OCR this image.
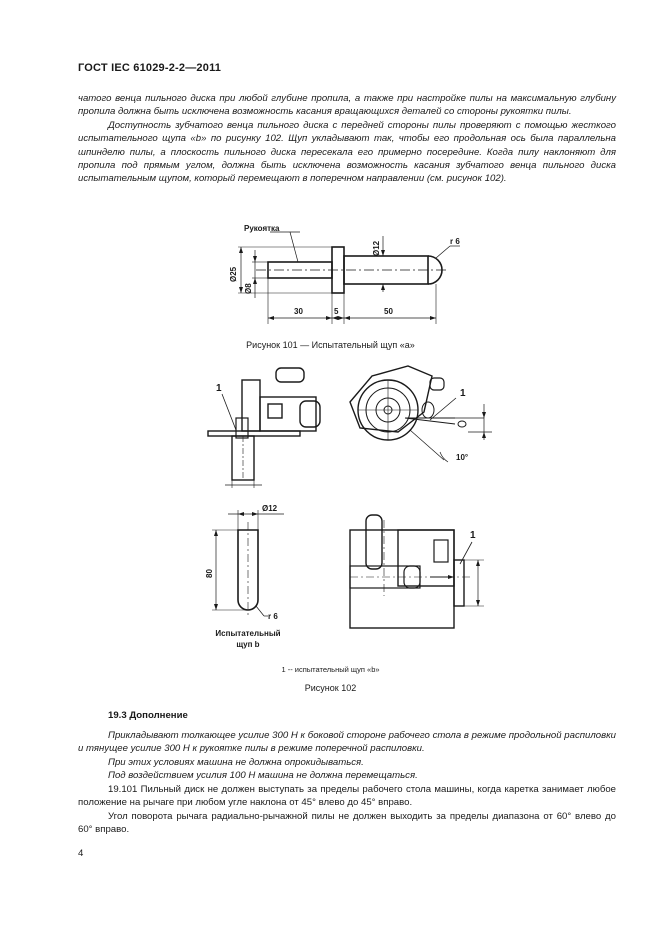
ГОСТ IEC 61029-2-2—2011

чатого венца пильного диска при любой глубине пропила, а также при настройке пилы на максимальную глубину пропила должна быть исключена возможность касания вращающихся деталей со стороны рукоятки пилы.

Доступность зубчатого венца пильного диска с передней стороны пилы проверяют с помощью жесткого испытательного щупа «b» по рисунку 102. Щуп укладывают так, чтобы его продольная ось была параллельна шпинделю пилы, а плоскость пильного диска пересекала его примерно посередине. Когда пилу наклоняют для пропила под прямым углом, должна быть исключена возможность касания зубчатого венца пильного диска испытательным щупом, который перемещают в поперечном направлении (см. рисунок 102).

Рукоятка
Ø25
Ø8
Ø12	r 6
30	5	50
1	1
10°
Ø12
80
r 6
Испытательный
щуп b
1
Рисунок 101 — Испытательный щуп «а»
1 -- испытательный щуп «b»
Рисунок 102
19.3 Дополнение

Прикладывают толкающее усилие 300 Н к боковой стороне рабочего стола в режиме продольной распиловки и тянущее усилие 300 Н к рукоятке пилы в режиме поперечной распиловки.

При этих условиях машина не должна опрокидываться.

Под воздействием усилия 100 Н машина не должна перемещаться.

19.101 Пильный диск не должен выступать за пределы рабочего стола машины, когда каретка занимает любое положение на рычаге при любом угле наклона от 45° влево до 45° вправо.

Угол поворота рычага радиально-рычажной пилы не должен выходить за пределы диапазона от 60° влево до 60° вправо.

4
